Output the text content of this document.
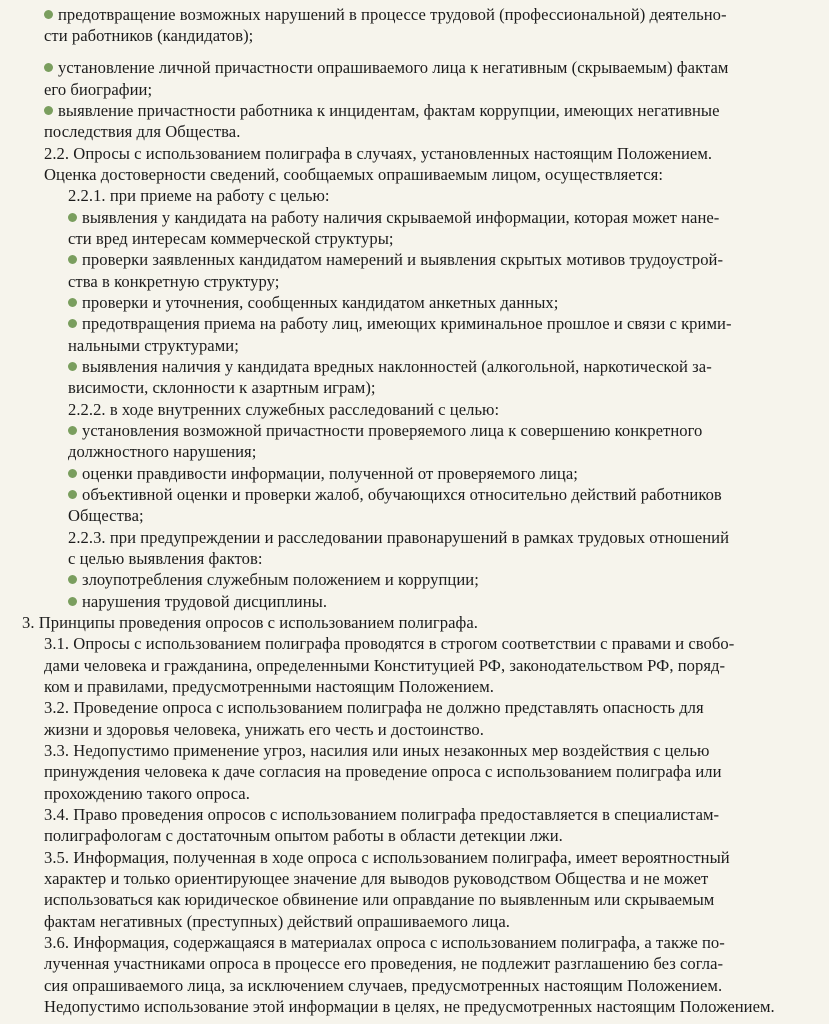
предотвращение возможных нарушений в процессе трудовой (профессиональной) деятельно-
сти работников (кандидатов);
установление личной причастности опрашиваемого лица к негативным (скрываемым) фактам
его биографии;
выявление причастности работника к инцидентам, фактам коррупции, имеющих негативные
последствия для Общества.
2.2. Опросы с использованием полиграфа в случаях, установленных настоящим Положением.
Оценка достоверности сведений, сообщаемых опрашиваемым лицом, осуществляется:
2.2.1. при приеме на работу с целью:
выявления у кандидата на работу наличия скрываемой информации, которая может нане-
сти вред интересам коммерческой структуры;
проверки заявленных кандидатом намерений и выявления скрытых мотивов трудоустрой-
ства в конкретную структуру;
проверки и уточнения, сообщенных кандидатом анкетных данных;
предотвращения приема на работу лиц, имеющих криминальное прошлое и связи с крими-
нальными структурами;
выявления наличия у кандидата вредных наклонностей (алкогольной, наркотической за-
висимости, склонности к азартным играм);
2.2.2. в ходе внутренних служебных расследований с целью:
установления возможной причастности проверяемого лица к совершению конкретного
должностного нарушения;
оценки правдивости информации, полученной от проверяемого лица;
объективной оценки и проверки жалоб, обучающихся относительно действий работников
Общества;
2.2.3. при предупреждении и расследовании правонарушений в рамках трудовых отношений
с целью выявления фактов:
злоупотребления служебным положением и коррупции;
нарушения трудовой дисциплины.
3. Принципы проведения опросов с использованием полиграфа.
3.1. Опросы с использованием полиграфа проводятся в строгом соответствии с правами и свобо-
дами человека и гражданина, определенными Конституцией РФ, законодательством РФ, поряд-
ком и правилами, предусмотренными настоящим Положением.
3.2. Проведение опроса с использованием полиграфа не должно представлять опасность для
жизни и здоровья человека, унижать его честь и достоинство.
3.3. Недопустимо применение угроз, насилия или иных незаконных мер воздействия с целью
принуждения человека к даче согласия на проведение опроса с использованием полиграфа или
прохождению такого опроса.
3.4. Право проведения опросов с использованием полиграфа предоставляется в специалистам-
полиграфологам с достаточным опытом работы в области детекции лжи.
3.5. Информация, полученная в ходе опроса с использованием полиграфа, имеет вероятностный
характер и только ориентирующее значение для выводов руководством Общества и не может
использоваться как юридическое обвинение или оправдание по выявленным или скрываемым
фактам негативных (преступных) действий опрашиваемого лица.
3.6. Информация, содержащаяся в материалах опроса с использованием полиграфа, а также по-
лученная участниками опроса в процессе его проведения, не подлежит разглашению без согла-
сия опрашиваемого лица, за исключением случаев, предусмотренных настоящим Положением.
Недопустимо использование этой информации в целях, не предусмотренных настоящим Положением.
